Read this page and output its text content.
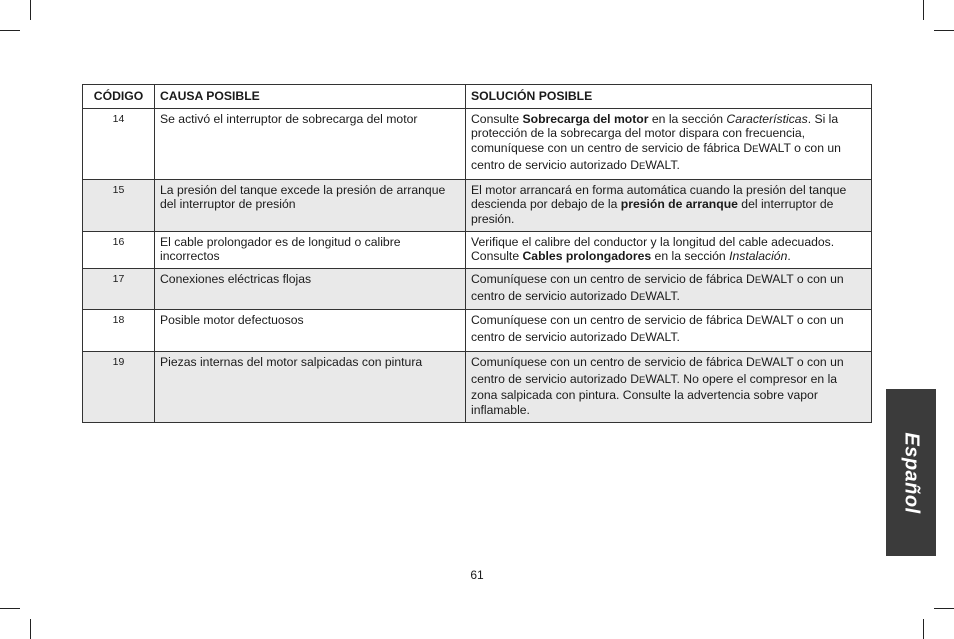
CÓDIGO	CAUSA POSIBLE	SOLUCIÓN POSIBLE
14	Se activó el interruptor de sobrecarga del motor	Consulte Sobrecarga del motor en la sección Características. Si la protección de la sobrecarga del motor dispara con frecuencia, comuníquese con un centro de servicio de fábrica DEWALT o con un centro de servicio autorizado DEWALT.
15	La presión del tanque excede la presión de arranque del interruptor de presión	El motor arrancará en forma automática cuando la presión del tanque descienda por debajo de la presión de arranque del interruptor de presión.
16	El cable prolongador es de longitud o calibre incorrectos	Verifique el calibre del conductor y la longitud del cable adecuados. Consulte Cables prolongadores en la sección Instalación.
17	Conexiones eléctricas flojas	Comuníquese con un centro de servicio de fábrica DEWALT o con un centro de servicio autorizado DEWALT.
18	Posible motor defectuosos	Comuníquese con un centro de servicio de fábrica DEWALT o con un centro de servicio autorizado DEWALT.
19	Piezas internas del motor salpicadas con pintura	Comuníquese con un centro de servicio de fábrica DEWALT o con un centro de servicio autorizado DEWALT. No opere el compresor en la zona salpicada con pintura. Consulte la advertencia sobre vapor inflamable.
Español
61
